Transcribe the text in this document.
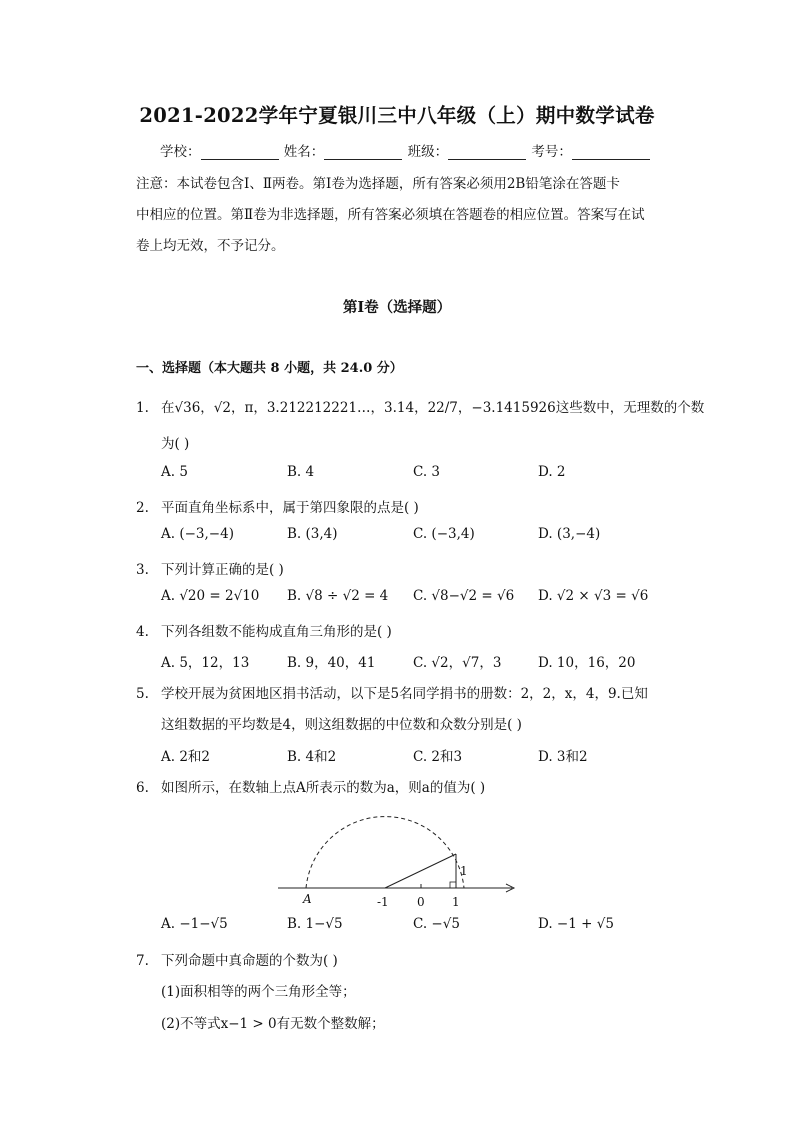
2021-2022学年宁夏银川三中八年级（上）期中数学试卷
学校：	姓名：	班级：	考号：
注意：本试卷包含Ⅰ、Ⅱ两卷。第Ⅰ卷为选择题，所有答案必须用2B铅笔涂在答题卡
中相应的位置。第Ⅱ卷为非选择题，所有答案必须填在答题卷的相应位置。答案写在试
卷上均无效，不予记分。
第Ⅰ卷（选择题）
一、选择题（本大题共 8 小题，共 24.0 分）
1. 在√36，√2，π，3.212212221…，3.14，22/7，−3.1415926这些数中，无理数的个数
为( )
A. 5	B. 4	C. 3	D. 2
2. 平面直角坐标系中，属于第四象限的点是( )
A. (−3,−4)	B. (3,4)	C. (−3,4)	D. (3,−4)
3. 下列计算正确的是( )
A. √20 = 2√10 B. √8 ÷ √2 = 4 C. √8−√2 = √6 D. √2 × √3 = √6
4. 下列各组数不能构成直角三角形的是( )
A. 5，12，13	B. 9，40，41	C. √2，√7，3	D. 10，16，20
5. 学校开展为贫困地区捐书活动，以下是5名同学捐书的册数：2，2，x，4，9.已知
这组数据的平均数是4，则这组数据的中位数和众数分别是( )
A. 2和2	B. 4和2	C. 2和3	D. 3和2
6. 如图所示，在数轴上点A所表示的数为a，则a的值为( )
A	-1 0 1
1
A. −1−√5	B. 1−√5	C. −√5	D. −1 + √5
7. 下列命题中真命题的个数为( )
(1)面积相等的两个三角形全等；
(2)不等式x−1 > 0有无数个整数解；
